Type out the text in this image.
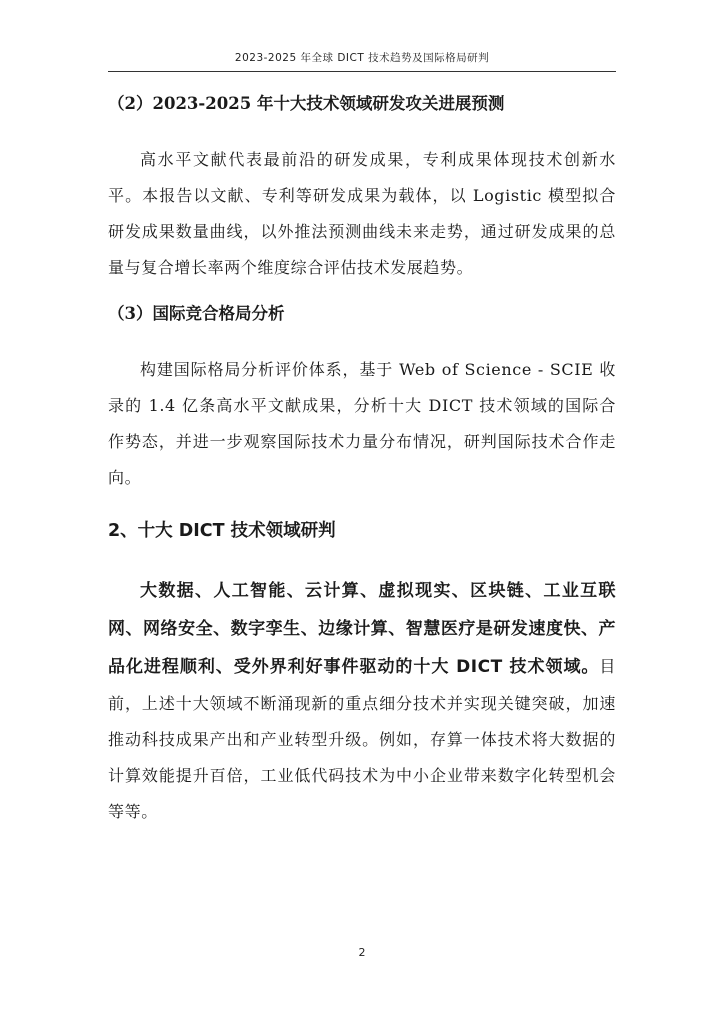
2023-2025 年全球 DICT 技术趋势及国际格局研判
（2）2023-2025 年十大技术领域研发攻关进展预测

高水平文献代表最前沿的研发成果，专利成果体现技术创新水平。本报告以文献、专利等研发成果为载体，以 Logistic 模型拟合研发成果数量曲线，以外推法预测曲线未来走势，通过研发成果的总量与复合增长率两个维度综合评估技术发展趋势。

（3）国际竞合格局分析

构建国际格局分析评价体系，基于 Web of Science - SCIE 收录的 1.4 亿条高水平文献成果，分析十大 DICT 技术领域的国际合作势态，并进一步观察国际技术力量分布情况，研判国际技术合作走向。

2、十大 DICT 技术领域研判

大数据、人工智能、云计算、虚拟现实、区块链、工业互联网、网络安全、数字孪生、边缘计算、智慧医疗是研发速度快、产品化进程顺利、受外界利好事件驱动的十大 DICT 技术领域。目前，上述十大领域不断涌现新的重点细分技术并实现关键突破，加速推动科技成果产出和产业转型升级。例如，存算一体技术将大数据的计算效能提升百倍，工业低代码技术为中小企业带来数字化转型机会等等。

2
